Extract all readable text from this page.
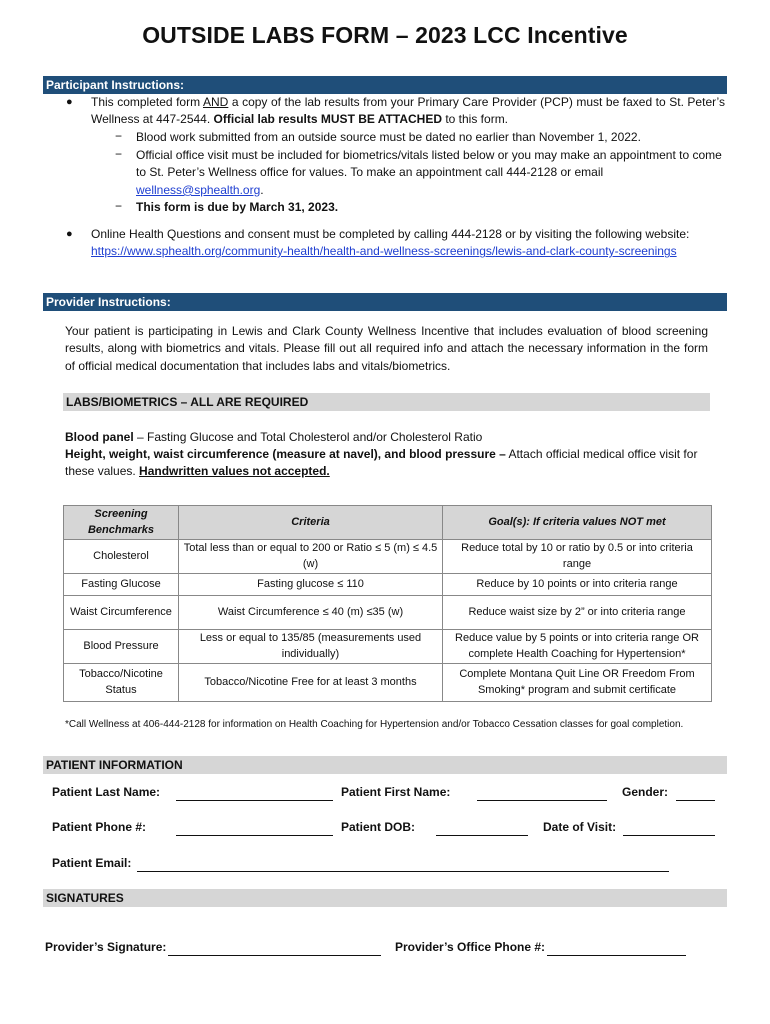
OUTSIDE LABS FORM – 2023 LCC Incentive
Participant Instructions:
● This completed form AND a copy of the lab results from your Primary Care Provider (PCP) must be faxed to St. Peter’s Wellness at 447-2544. Official lab results MUST BE ATTACHED to this form.
− Blood work submitted from an outside source must be dated no earlier than November 1, 2022.
− Official office visit must be included for biometrics/vitals listed below or you may make an appointment to come to St. Peter’s Wellness office for values. To make an appointment call 444-2128 or email wellness@sphealth.org.
− This form is due by March 31, 2023.
● Online Health Questions and consent must be completed by calling 444-2128 or by visiting the following website:
https://www.sphealth.org/community-health/health-and-wellness-screenings/lewis-and-clark-county-screenings
Provider Instructions:
Your patient is participating in Lewis and Clark County Wellness Incentive that includes evaluation of blood screening results, along with biometrics and vitals. Please fill out all required info and attach the necessary information in the form of official medical documentation that includes labs and vitals/biometrics.
LABS/BIOMETRICS – ALL ARE REQUIRED
Blood panel – Fasting Glucose and Total Cholesterol and/or Cholesterol Ratio
Height, weight, waist circumference (measure at navel), and blood pressure – Attach official medical office visit for these values. Handwritten values not accepted.
Screening Benchmarks	Criteria	Goal(s): If criteria values NOT met
Cholesterol	Total less than or equal to 200 or Ratio ≤ 5 (m) ≤ 4.5 (w)	Reduce total by 10 or ratio by 0.5 or into criteria range
Fasting Glucose	Fasting glucose ≤ 110	Reduce by 10 points or into criteria range
Waist Circumference	Waist Circumference ≤ 40 (m) ≤35 (w)	Reduce waist size by 2” or into criteria range
Blood Pressure	Less or equal to 135/85 (measurements used individually)	Reduce value by 5 points or into criteria range OR complete Health Coaching for Hypertension*
Tobacco/Nicotine Status	Tobacco/Nicotine Free for at least 3 months	Complete Montana Quit Line OR Freedom From Smoking* program and submit certificate
*Call Wellness at 406-444-2128 for information on Health Coaching for Hypertension and/or Tobacco Cessation classes for goal completion.
PATIENT INFORMATION
Patient Last Name:	Patient First Name:	Gender:
Patient Phone #:	Patient DOB:	Date of Visit:
Patient Email:
SIGNATURES
Provider’s Signature:	Provider’s Office Phone #:
